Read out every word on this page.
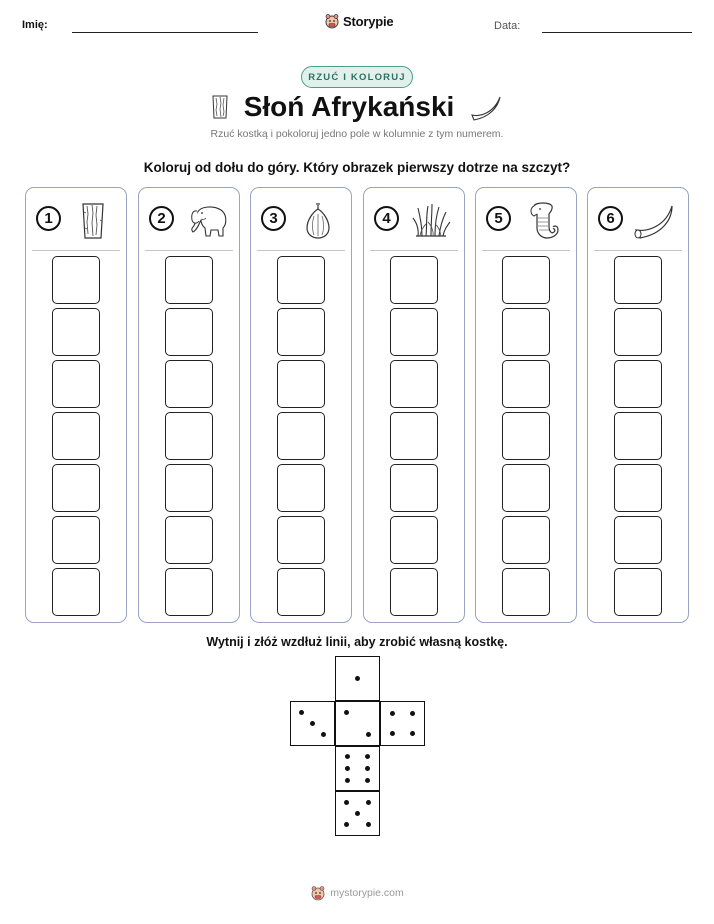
Imię:	Storypie	Data:
RZUĆ I KOLORUJ
Słoń Afrykański
Rzuć kostką i pokoloruj jedno pole w kolumnie z tym numerem.
Koloruj od dołu do góry. Który obrazek pierwszy dotrze na szczyt?
1	2	3	4	5	6
Wytnij i złóż wzdłuż linii, aby zrobić własną kostkę.
mystorypie.com
